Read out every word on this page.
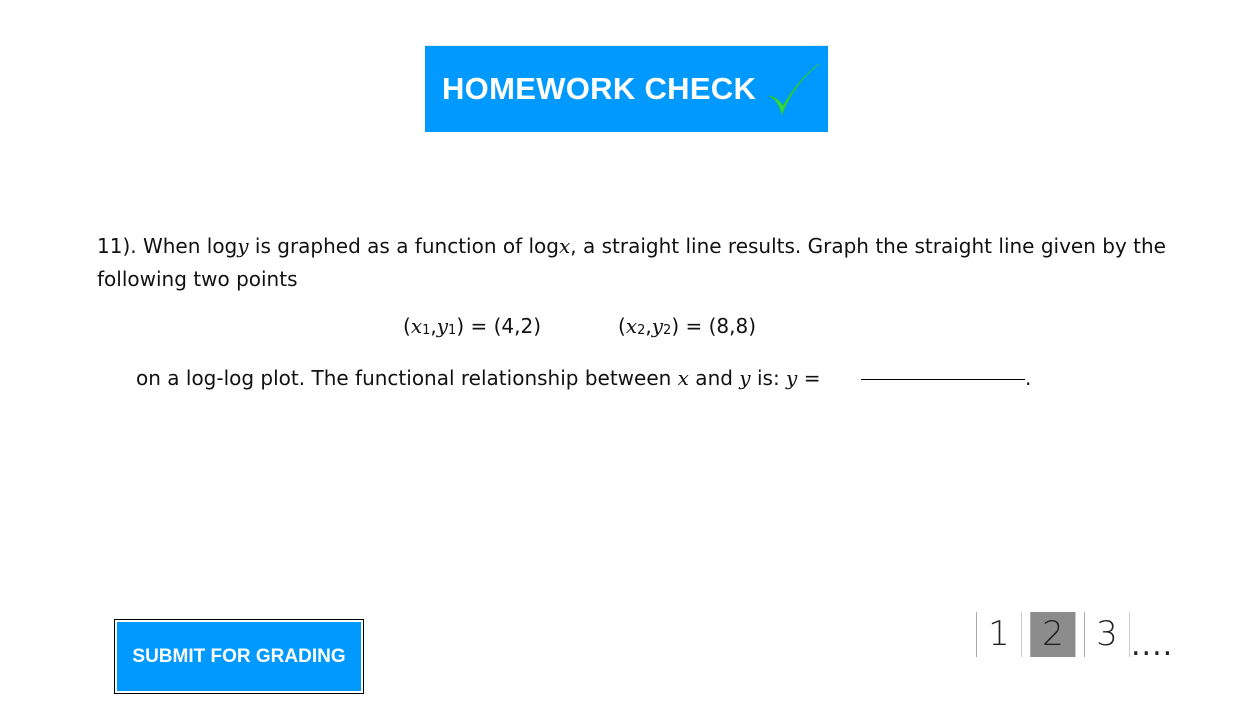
HOMEWORK CHECK
11). When logy is graphed as a function of logx, a straight line results. Graph the straight line given by the following two points
(x1,y1) = (4,2)	(x2,y2) = (8,8)
on a log-log plot. The functional relationship between x and y is: y =	.
SUBMIT FOR GRADING
1 2 3 ....
